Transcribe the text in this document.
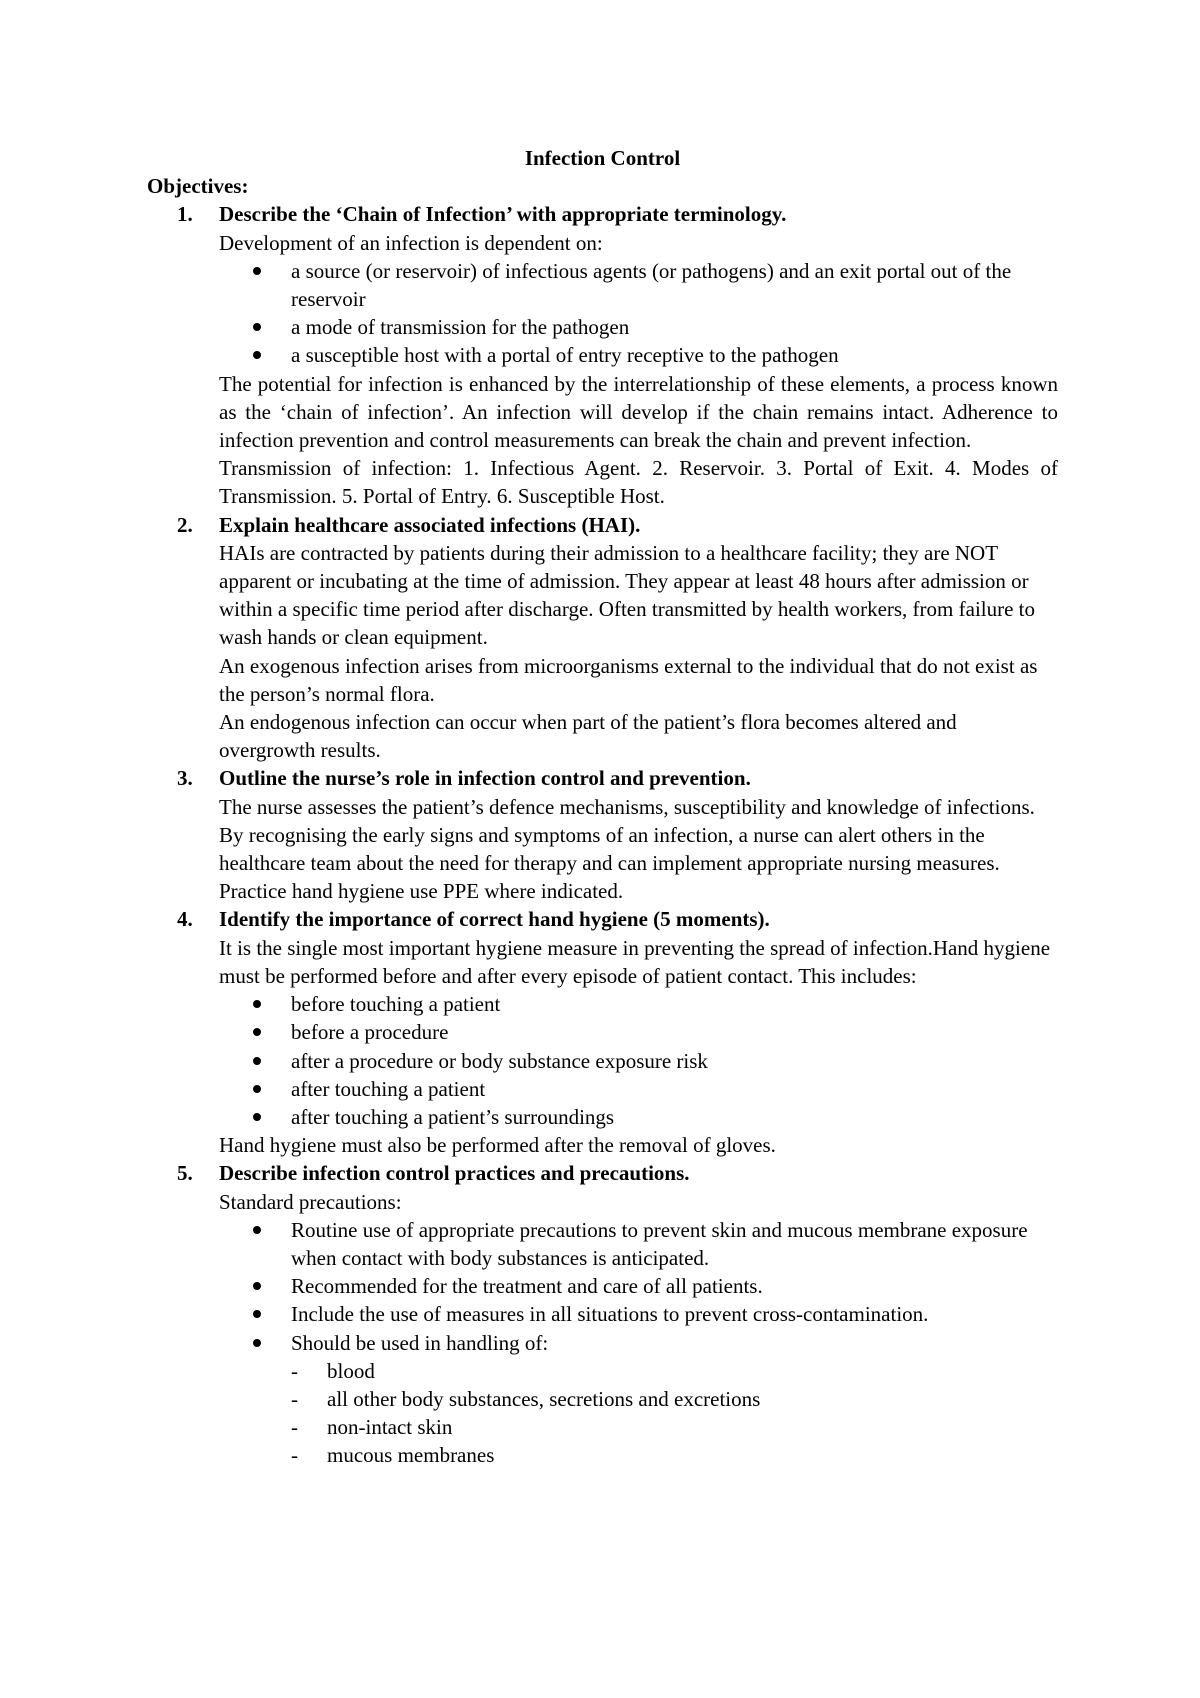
Infection Control
Objectives:
1. Describe the ‘Chain of Infection’ with appropriate terminology.

Development of an infection is dependent on:

a source (or reservoir) of infectious agents (or pathogens) and an exit portal out of the reservoir
a mode of transmission for the pathogen
a susceptible host with a portal of entry receptive to the pathogen

The potential for infection is enhanced by the interrelationship of these elements, a process known as the ‘chain of infection’. An infection will develop if the chain remains intact. Adherence to infection prevention and control measurements can break the chain and prevent infection.

Transmission of infection: 1. Infectious Agent. 2. Reservoir. 3. Portal of Exit. 4. Modes of Transmission. 5. Portal of Entry. 6. Susceptible Host.

2. Explain healthcare associated infections (HAI).

HAIs are contracted by patients during their admission to a healthcare facility; they are NOT apparent or incubating at the time of admission. They appear at least 48 hours after admission or within a specific time period after discharge. Often transmitted by health workers, from failure to wash hands or clean equipment.

An exogenous infection arises from microorganisms external to the individual that do not exist as the person’s normal flora.

An endogenous infection can occur when part of the patient’s flora becomes altered and overgrowth results.

3. Outline the nurse’s role in infection control and prevention.

The nurse assesses the patient’s defence mechanisms, susceptibility and knowledge of infections. By recognising the early signs and symptoms of an infection, a nurse can alert others in the healthcare team about the need for therapy and can implement appropriate nursing measures.

Practice hand hygiene use PPE where indicated.

4. Identify the importance of correct hand hygiene (5 moments).

It is the single most important hygiene measure in preventing the spread of infection.Hand hygiene must be performed before and after every episode of patient contact. This includes:

before touching a patient
before a procedure
after a procedure or body substance exposure risk
after touching a patient
after touching a patient’s surroundings

Hand hygiene must also be performed after the removal of gloves.

5. Describe infection control practices and precautions.

Standard precautions:

Routine use of appropriate precautions to prevent skin and mucous membrane exposure when contact with body substances is anticipated.
Recommended for the treatment and care of all patients.
Include the use of measures in all situations to prevent cross-contamination.
Should be used in handling of:
- blood
- all other body substances, secretions and excretions
- non-intact skin
- mucous membranes
